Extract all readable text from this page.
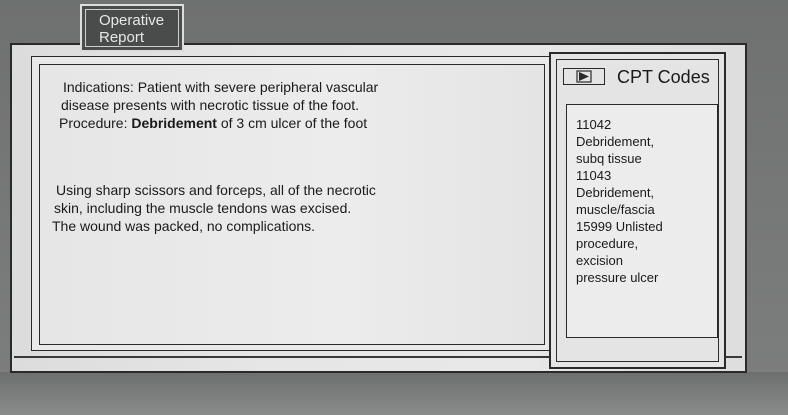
Operative
Report
Indications: Patient with severe peripheral vascular
disease presents with necrotic tissue of the foot.
Procedure: Debridement of 3 cm ulcer of the foot
Using sharp scissors and forceps, all of the necrotic
skin, including the muscle tendons was excised.
The wound was packed, no complications.
CPT Codes
11042
Debridement,
subq tissue
11043
Debridement,
muscle/fascia
15999 Unlisted
procedure,
excision
pressure ulcer
